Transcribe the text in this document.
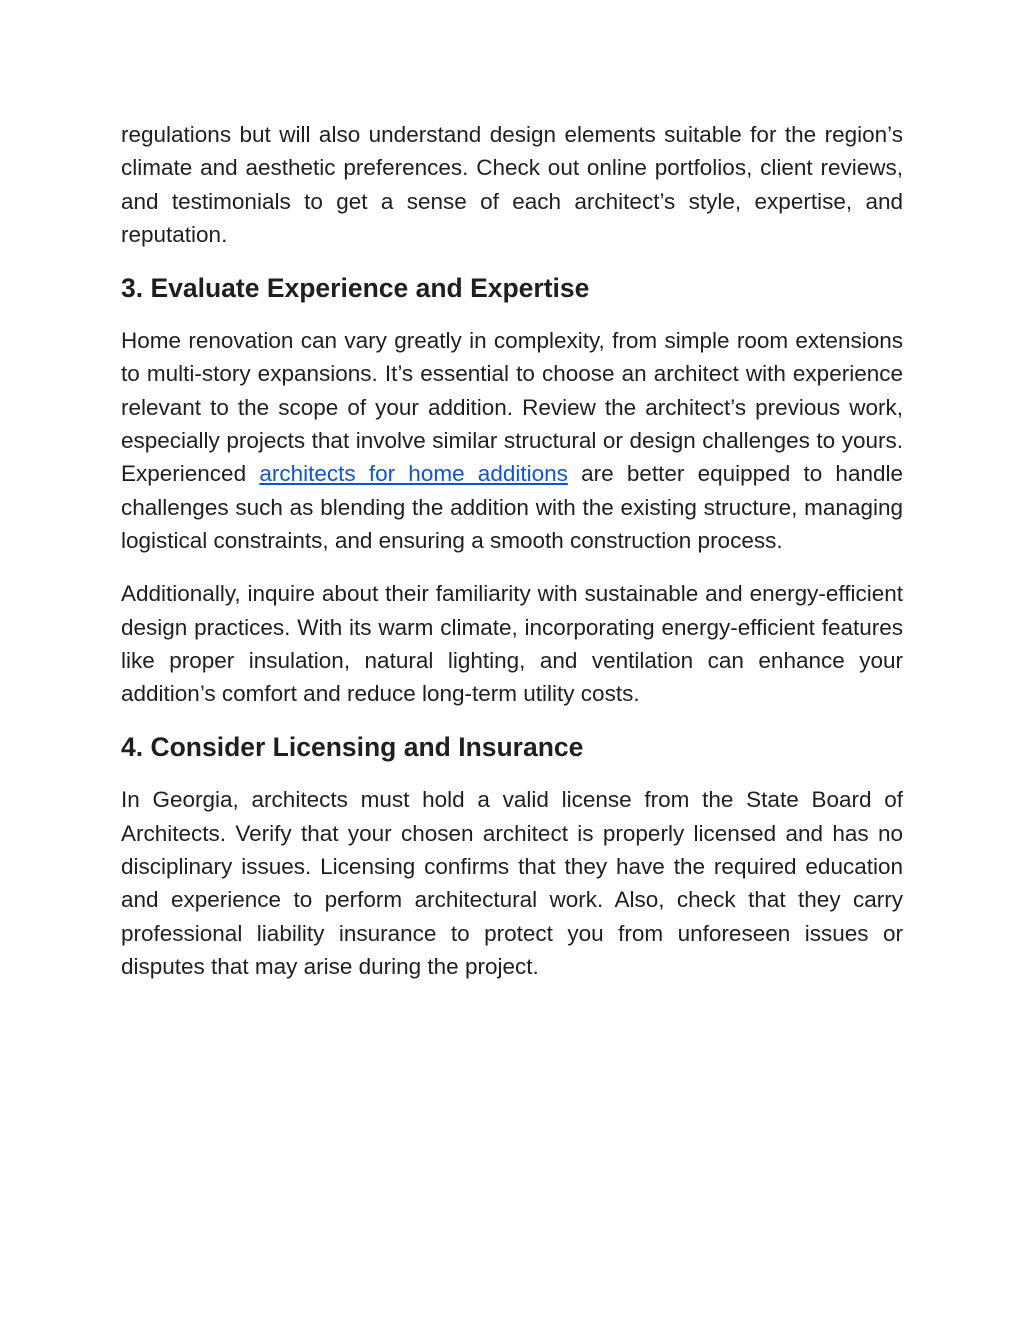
regulations but will also understand design elements suitable for the region’s climate and aesthetic preferences. Check out online portfolios, client reviews, and testimonials to get a sense of each architect’s style, expertise, and reputation.

3. Evaluate Experience and Expertise

Home renovation can vary greatly in complexity, from simple room extensions to multi-story expansions. It’s essential to choose an architect with experience relevant to the scope of your addition. Review the architect’s previous work, especially projects that involve similar structural or design challenges to yours. Experienced architects for home additions are better equipped to handle challenges such as blending the addition with the existing structure, managing logistical constraints, and ensuring a smooth construction process.

Additionally, inquire about their familiarity with sustainable and energy-efficient design practices. With its warm climate, incorporating energy-efficient features like proper insulation, natural lighting, and ventilation can enhance your addition’s comfort and reduce long-term utility costs.

4. Consider Licensing and Insurance

In Georgia, architects must hold a valid license from the State Board of Architects. Verify that your chosen architect is properly licensed and has no disciplinary issues. Licensing confirms that they have the required education and experience to perform architectural work. Also, check that they carry professional liability insurance to protect you from unforeseen issues or disputes that may arise during the project.
